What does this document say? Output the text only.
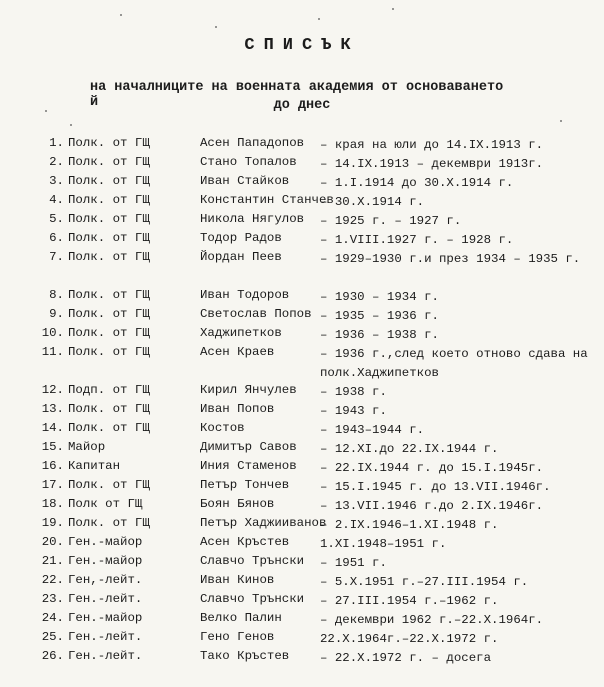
СПИСЪК
на началниците на военната академия от основаването й	до днес
1. Полк. от ГЩ	Асен Пападопов – края на юли до 14.IX.1913 г.
2. Полк. от ГЩ	Стано Топалов – 14.IX.1913 – декември 1913г.
3. Полк. от ГЩ	Иван Стайков – 1.I.1914 до 30.X.1914 г.
4. Полк. от ГЩ	Константин Станчев
– 30.X.1914 г.
5. Полк. от ГЩ	Никола Нягулов – 1925 г. – 1927 г.
6. Полк. от ГЩ	Тодор Радов	– 1.VIII.1927 г. – 1928 г.
7. Полк. от ГЩ	Йордан Пеев	– 1929–1930 г.и през 1934 – 1935 г.
8. Полк. от ГЩ	Иван Тодоров – 1930 – 1934 г.
9. Полк. от ГЩ	Светослав Попов – 1935 – 1936 г.
10. Полк. от ГЩ	Хаджипетков	– 1936 – 1938 г.
11. Полк. от ГЩ	Асен Краев	– 1936 г.,след което отново сдава на полк.Хаджипетков
12. Подп. от ГЩ	Кирил Янчулев – 1938 г.
13. Полк. от ГЩ	Иван Попов	– 1943 г.
14. Полк. от ГЩ	Костов	– 1943–1944 г.
15. Майор	Димитър Савов – 12.XI.до 22.IX.1944 г.
16. Капитан	Иния Стаменов – 22.IX.1944 г. до 15.I.1945г.
17. Полк. от ГЩ	Петър Тончев – 15.I.1945 г. до 13.VII.1946г.
18. Полк от ГЩ	Боян Бянов	– 13.VII.1946 г.до 2.IX.1946г.
19. Полк. от ГЩ	Петър Хаджииванов
– 2.IX.1946–1.XI.1948 г.
20. Ген.-майор	Асен Кръстев 1.XI.1948–1951 г.
21. Ген.-майор	Славчо Трънски – 1951 г.
22. Ген,-лейт.	Иван Кинов	– 5.X.1951 г.–27.III.1954 г.
23. Ген.-лейт.	Славчо Трънски – 27.III.1954 г.–1962 г.
24. Ген.-майор	Велко Палин	– декември 1962 г.–22.X.1964г.
25. Ген.-лейт.	Гено Генов	22.X.1964г.–22.X.1972 г.
26. Ген.-лейт.	Тако Кръстев – 22.X.1972 г. – досега
